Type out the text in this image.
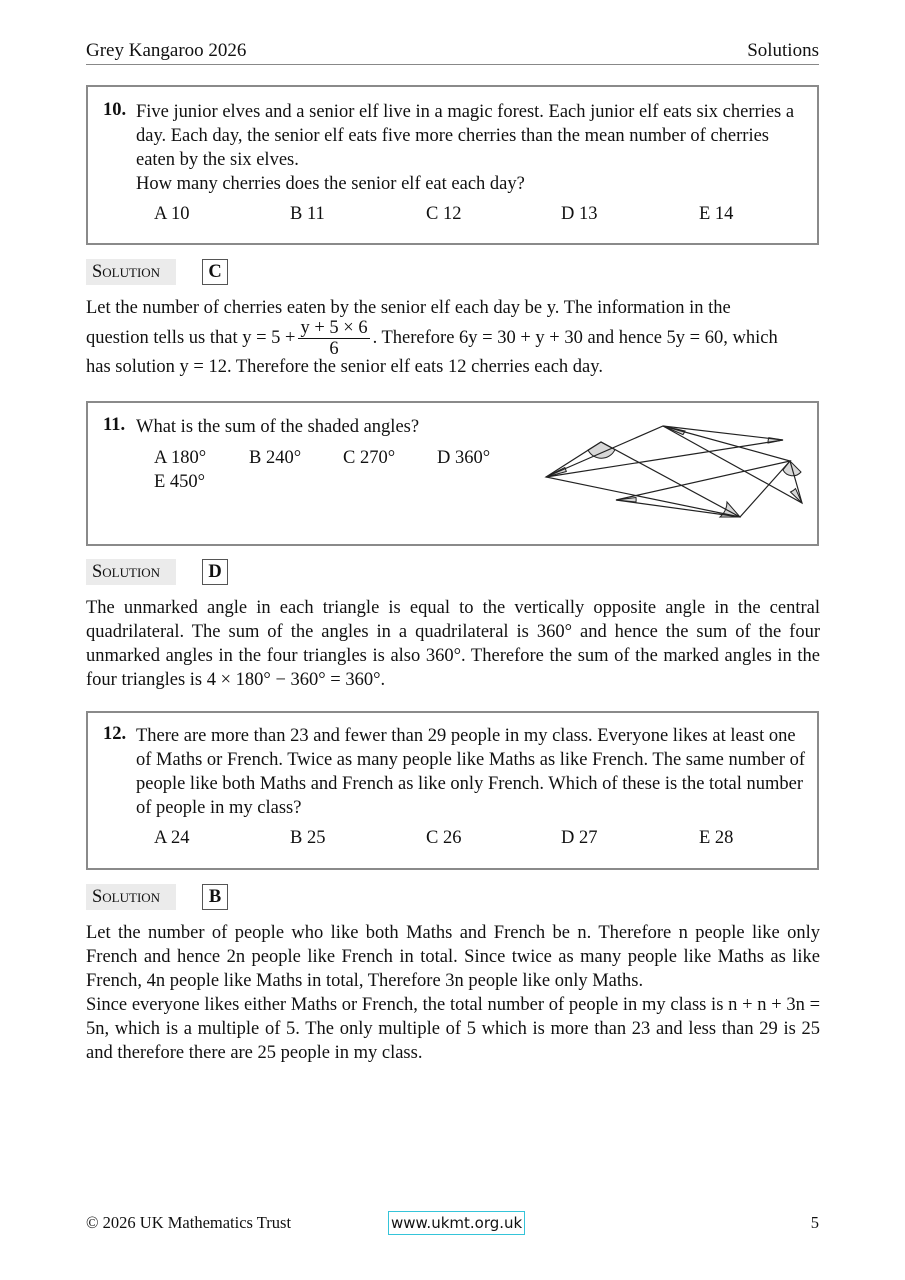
Grey Kangaroo 2026	Solutions
10. Five junior elves and a senior elf live in a magic forest. Each junior elf eats six cherries a day. Each day, the senior elf eats five more cherries than the mean number of cherries eaten by the six elves.
How many cherries does the senior elf eat each day?
A 10	B 11	C 12	D 13	E 14
Solution	C

Let the number of cherries eaten by the senior elf each day be y. The information in the

question tells us that $y = 5 + \frac{y + 5 \times 6}{6}$ . Therefore 6y = 30 + y + 30 and hence 5y = 60, which

has solution y = 12. Therefore the senior elf eats 12 cherries each day.

11. What is the sum of the shaded angles?
A 180° B 240° C 270° D 360°
E 450°
Solution	D
The unmarked angle in each triangle is equal to the vertically opposite angle in the central quadrilateral. The sum of the angles in a quadrilateral is 360° and hence the sum of the four unmarked angles in the four triangles is also 360°. Therefore the sum of the marked angles in the four triangles is 4 × 180° − 360° = 360°.
12. There are more than 23 and fewer than 29 people in my class. Everyone likes at least one of Maths or French. Twice as many people like Maths as like French. The same number of people like both Maths and French as like only French. Which of these is the total number of people in my class?
A 24	B 25	C 26	D 27	E 28
Solution	B

Let the number of people who like both Maths and French be n. Therefore n people like only French and hence 2n people like French in total. Since twice as many people like Maths as like French, 4n people like Maths in total, Therefore 3n people like only Maths.

Since everyone likes either Maths or French, the total number of people in my class is n + n + 3n = 5n, which is a multiple of 5. The only multiple of 5 which is more than 23 and less than 29 is 25 and therefore there are 25 people in my class.

© 2026 UK Mathematics Trust	www.ukmt.org.uk	5
